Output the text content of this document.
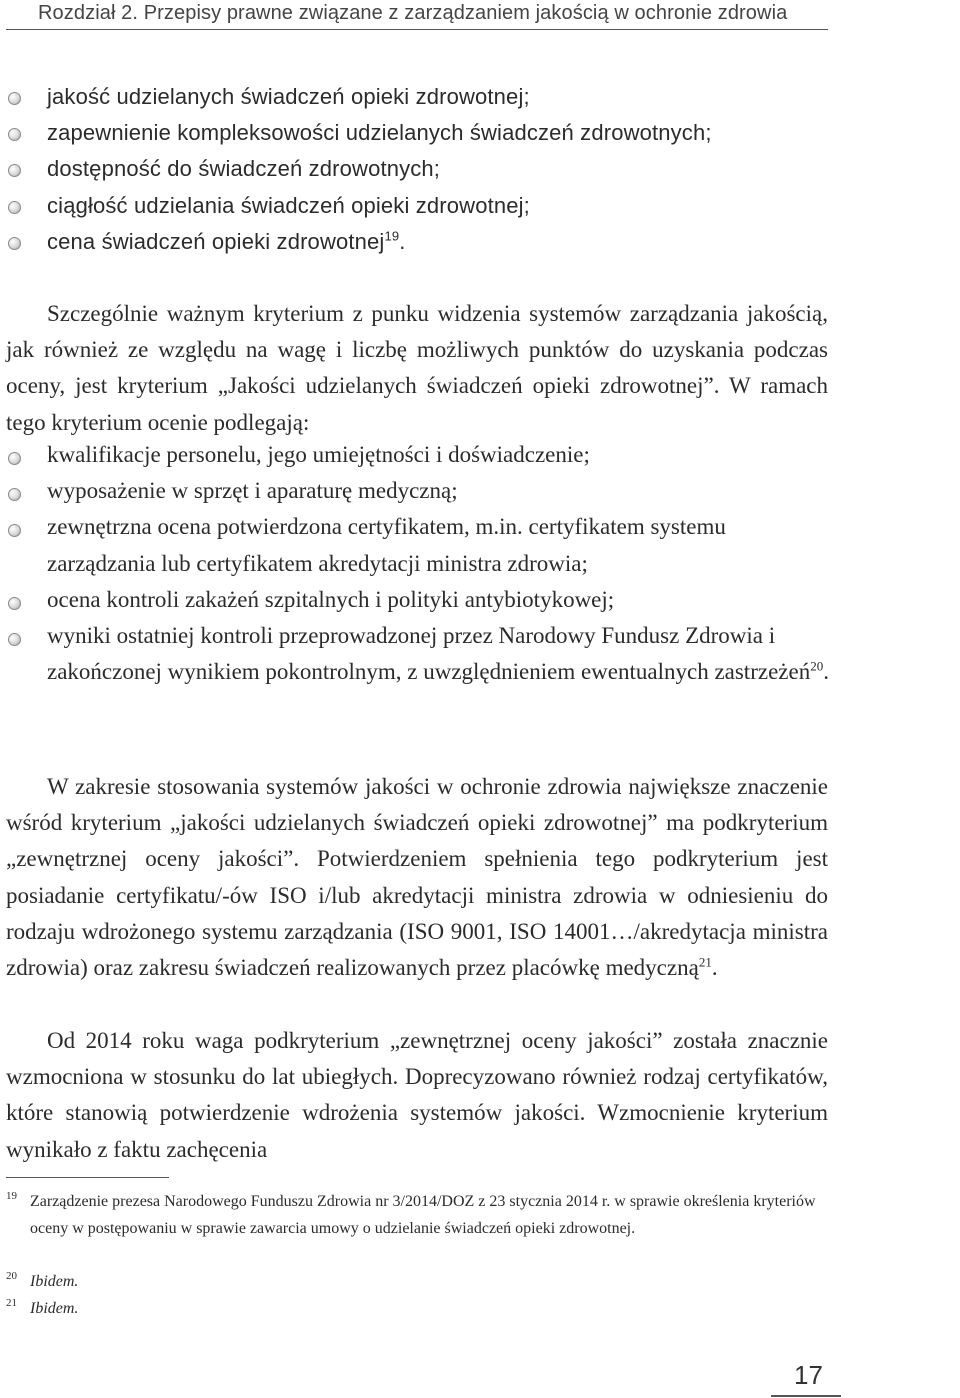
Rozdział 2. Przepisy prawne związane z zarządzaniem jakością w ochronie zdrowia
jakość udzielanych świadczeń opieki zdrowotnej;
zapewnienie kompleksowości udzielanych świadczeń zdrowotnych;
dostępność do świadczeń zdrowotnych;
ciągłość udzielania świadczeń opieki zdrowotnej;
cena świadczeń opieki zdrowotnej$^{19}$.
Szczególnie ważnym kryterium z punku widzenia systemów zarządzania jakością, jak również ze względu na wagę i liczbę możliwych punktów do uzyskania podczas oceny, jest kryterium „Jakości udzielanych świadczeń opieki zdrowotnej”. W ramach tego kryterium ocenie podlegają:
kwalifikacje personelu, jego umiejętności i doświadczenie;
wyposażenie w sprzęt i aparaturę medyczną;
zewnętrzna ocena potwierdzona certyfikatem, m.in. certyfikatem systemu zarządzania lub certyfikatem akredytacji ministra zdrowia;
ocena kontroli zakażeń szpitalnych i polityki antybiotykowej;
wyniki ostatniej kontroli przeprowadzonej przez Narodowy Fundusz Zdrowia i zakończonej wynikiem pokontrolnym, z uwzględnieniem ewentualnych zastrzeżeń$^{20}$.
W zakresie stosowania systemów jakości w ochronie zdrowia największe znaczenie wśród kryterium „jakości udzielanych świadczeń opieki zdrowotnej” ma podkryterium „zewnętrznej oceny jakości”. Potwierdzeniem spełnienia tego podkryterium jest posiadanie certyfikatu/-ów ISO i/lub akredytacji ministra zdrowia w odniesieniu do rodzaju wdrożonego systemu zarządzania (ISO 9001, ISO 14001…/akredytacja ministra zdrowia) oraz zakresu świadczeń realizowanych przez placówkę medyczną$^{21}$.
Od 2014 roku waga podkryterium „zewnętrznej oceny jakości” została znacznie wzmocniona w stosunku do lat ubiegłych. Doprecyzowano również rodzaj certyfikatów, które stanowią potwierdzenie wdrożenia systemów jakości. Wzmocnienie kryterium wynikało z faktu zachęcenia
19 Zarządzenie prezesa Narodowego Funduszu Zdrowia nr 3/2014/DOZ z 23 stycznia 2014 r. w sprawie określenia kryteriów oceny w postępowaniu w sprawie zawarcia umowy o udzielanie świadczeń opieki zdrowotnej.
20 Ibidem.
21 Ibidem.
17
